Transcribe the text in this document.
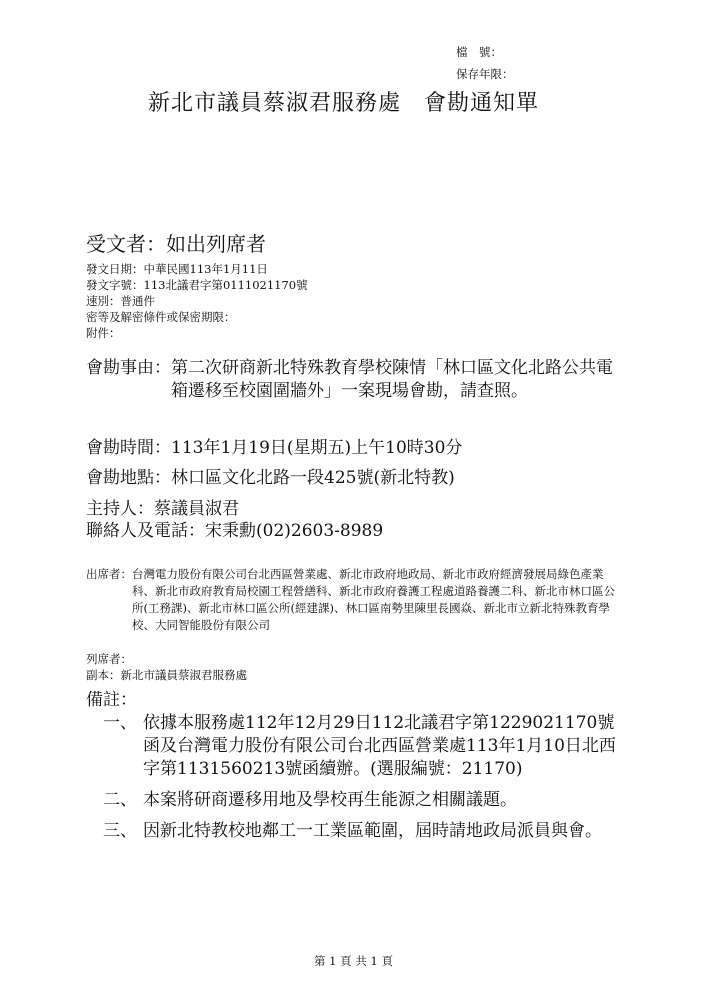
檔　號：
保存年限：
新北市議員蔡淑君服務處　會勘通知單
受文者：如出列席者
發文日期：中華民國113年1月11日
發文字號：113北議君字第0111021170號
速別：普通件
密等及解密條件或保密期限：
附件：
會勘事由： 第二次研商新北特殊教育學校陳情「林口區文化北路公共電箱遷移至校園圍牆外」一案現場會勘，請查照。
會勘時間：113年1月19日(星期五)上午10時30分
會勘地點：林口區文化北路一段425號(新北特教)
主持人：蔡議員淑君
聯絡人及電話：宋秉勳(02)2603-8989
出席者： 台灣電力股份有限公司台北西區營業處、新北市政府地政局、新北市政府經濟發展局綠色產業科、新北市政府教育局校園工程營繕科、新北市政府養護工程處道路養護二科、新北市林口區公所(工務課)、新北市林口區公所(經建課)、林口區南勢里陳里長國焱、新北市立新北特殊教育學校、大同智能股份有限公司
列席者：
副本：新北市議員蔡淑君服務處
備註：
一、 依據本服務處112年12月29日112北議君字第1229021170號函及台灣電力股份有限公司台北西區營業處113年1月10日北西字第1131560213號函續辦。(選服編號：21170)
二、 本案將研商遷移用地及學校再生能源之相關議題。
三、 因新北特教校地鄰工一工業區範圍，屆時請地政局派員與會。
第 1 頁 共 1 頁
